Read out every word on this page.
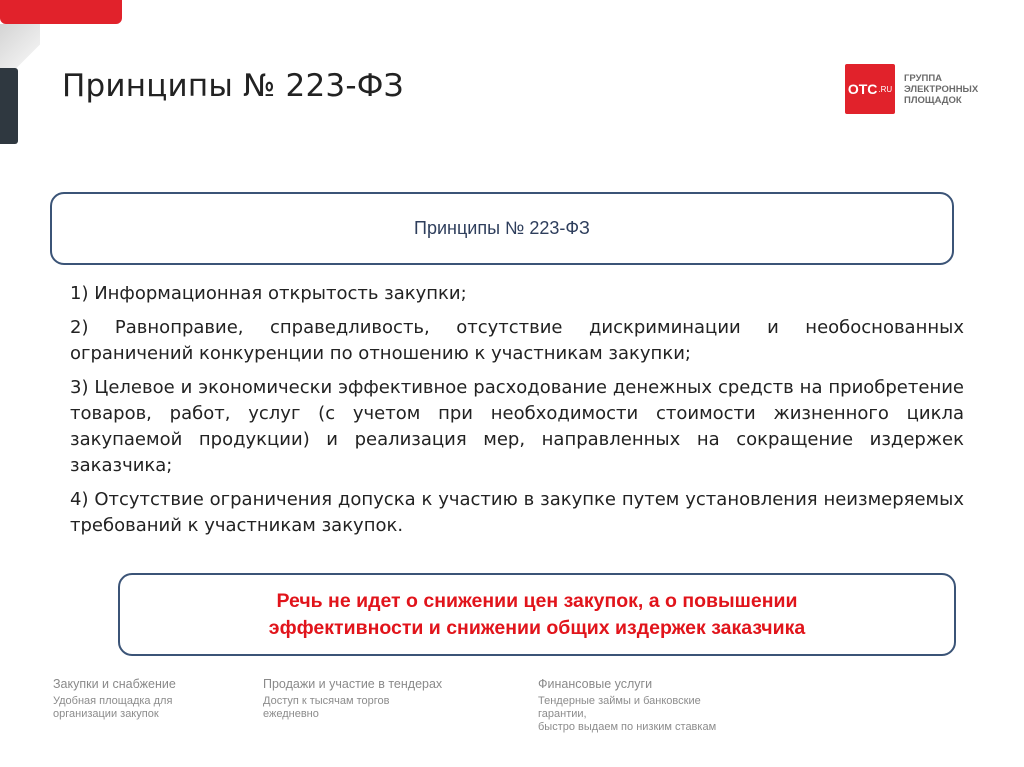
Принципы № 223-ФЗ	ОТС .RU
ГРУППА
ЭЛЕКТРОННЫХ
ПЛОЩАДОК
Принципы № 223-ФЗ
1) Информационная открытость закупки;
2) Равноправие, справедливость, отсутствие дискриминации и необоснованных ограничений конкуренции по отношению к участникам закупки;
3) Целевое и экономически эффективное расходование денежных средств на приобретение товаров, работ, услуг (с учетом при необходимости стоимости жизненного цикла закупаемой продукции) и реализация мер, направленных на сокращение издержек заказчика;
4) Отсутствие ограничения допуска к участию в закупке путем установления неизмеряемых требований к участникам закупок.
Речь не идет о снижении цен закупок, а о повышении
эффективности и снижении общих издержек заказчика
Закупки и снабжение
Удобная площадка для
организации закупок
Продажи и участие в тендерах
Доступ к тысячам торгов
ежедневно
Финансовые услуги
Тендерные займы и банковские
гарантии,
быстро выдаем по низким ставкам
